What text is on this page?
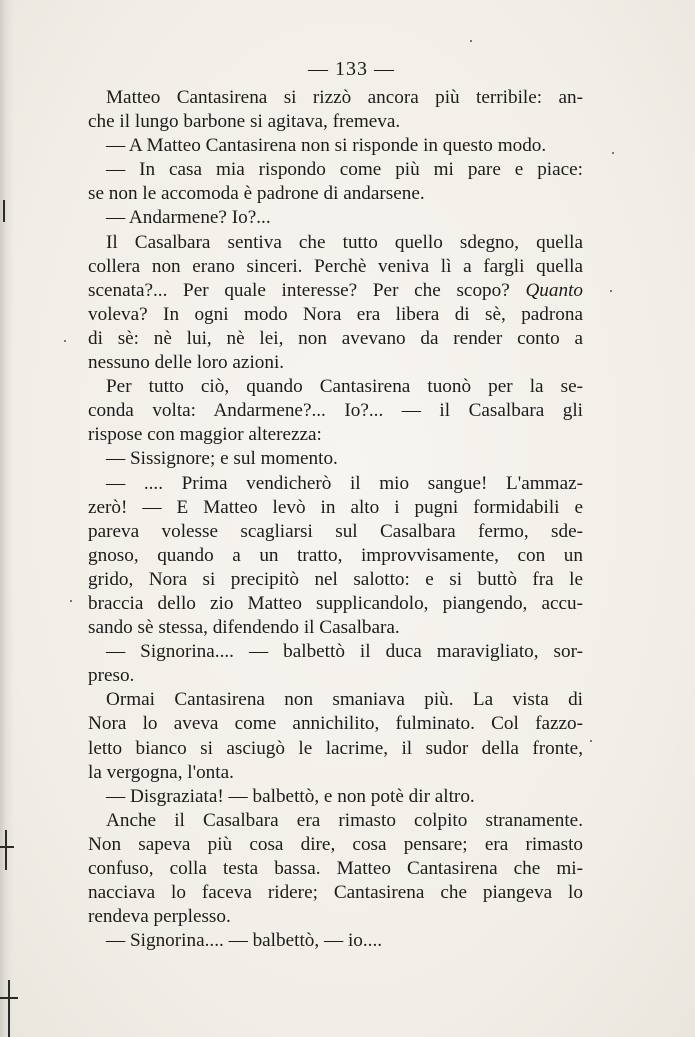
— 133 —
Matteo Cantasirena si rizzò ancora più terribile: an-
che il lungo barbone si agitava, fremeva.
— A Matteo Cantasirena non si risponde in questo modo.
— In casa mia rispondo come più mi pare e piace:
se non le accomoda è padrone di andarsene.
— Andarmene? Io?...
Il Casalbara sentiva che tutto quello sdegno, quella
collera non erano sinceri. Perchè veniva lì a fargli quella
scenata?... Per quale interesse? Per che scopo? Quanto
voleva? In ogni modo Nora era libera di sè, padrona
di sè: nè lui, nè lei, non avevano da render conto a
nessuno delle loro azioni.
Per tutto ciò, quando Cantasirena tuonò per la se-
conda volta: Andarmene?... Io?... — il Casalbara gli
rispose con maggior alterezza:
— Sissignore; e sul momento.
— .... Prima vendicherò il mio sangue! L'ammaz-
zerò! — E Matteo levò in alto i pugni formidabili e
pareva volesse scagliarsi sul Casalbara fermo, sde-
gnoso, quando a un tratto, improvvisamente, con un
grido, Nora si precipitò nel salotto: e si buttò fra le
braccia dello zio Matteo supplicandolo, piangendo, accu-
sando sè stessa, difendendo il Casalbara.
— Signorina.... — balbettò il duca maravigliato, sor-
preso.
Ormai Cantasirena non smaniava più. La vista di
Nora lo aveva come annichilito, fulminato. Col fazzo-
letto bianco si asciugò le lacrime, il sudor della fronte,
la vergogna, l'onta.
— Disgraziata! — balbettò, e non potè dir altro.
Anche il Casalbara era rimasto colpito stranamente.
Non sapeva più cosa dire, cosa pensare; era rimasto
confuso, colla testa bassa. Matteo Cantasirena che mi-
nacciava lo faceva ridere; Cantasirena che piangeva lo
rendeva perplesso.
— Signorina.... — balbettò, — io....
